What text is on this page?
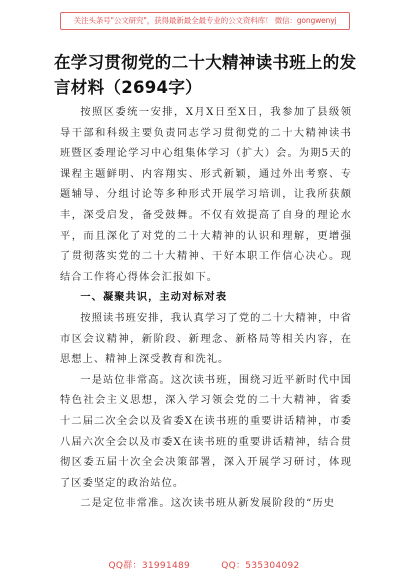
关注头条号"公文研究"，获得最新最全最专业的公文资料库！ 微信：gongwenyj
在学习贯彻党的二十大精神读书班上的发言材料（2694字）

按照区委统一安排，X月X日至X日，我参加了县级领导干部和科级主要负责同志学习贯彻党的二十大精神读书班暨区委理论学习中心组集体学习（扩大）会。为期5天的课程主题鲜明、内容翔实、形式新颖，通过外出考察、专题辅导、分组讨论等多种形式开展学习培训，让我所获颇丰，深受启发，备受鼓舞。不仅有效提高了自身的理论水平，而且深化了对党的二十大精神的认识和理解，更增强了贯彻落实党的二十大精神、干好本职工作信心决心。现结合工作将心得体会汇报如下。

一、凝聚共识，主动对标对表

按照读书班安排，我认真学习了党的二十大精神，中省市区会议精神，新阶段、新理念、新格局等相关内容，在思想上、精神上深受教育和洗礼。

一是站位非常高。这次读书班，围绕习近平新时代中国特色社会主义思想，深入学习领会党的二十大精神，省委十二届二次全会以及省委X在读书班的重要讲话精神，市委八届六次全会以及市委X在读书班的重要讲话精神，结合贯彻区委五届十次全会决策部署，深入开展学习研讨，体现了区委坚定的政治站位。

二是定位非常准。这次读书班从新发展阶段的“历史

QQ群：31991489	QQ：535304092
